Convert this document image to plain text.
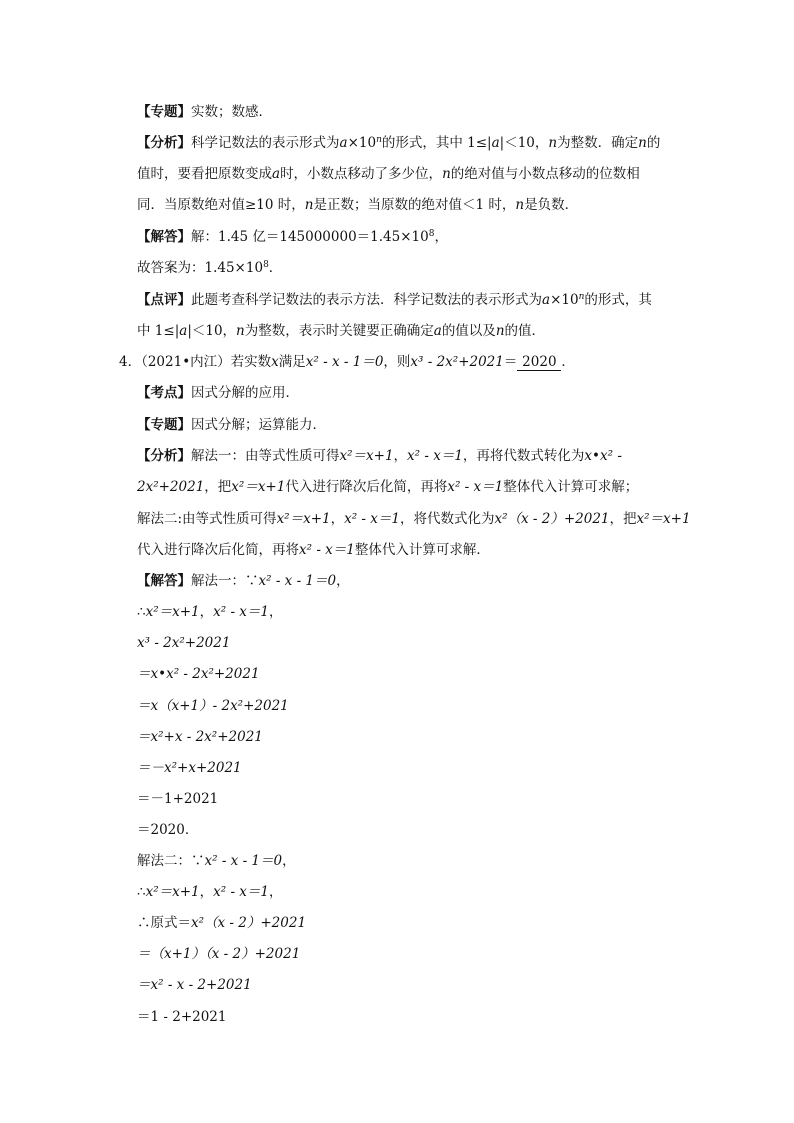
【专题】实数；数感．
【分析】科学记数法的表示形式为$a\times 10^n$的形式，其中 1≤|a|＜10，n为整数．确定n的
值时，要看把原数变成a时，小数点移动了多少位，n的绝对值与小数点移动的位数相
同．当原数绝对值≥10 时，n是正数；当原数的绝对值＜1 时，n是负数．
【解答】解：1.45 亿$=145000000=1.45\times 10^8$，
故答案为：$1.45\times 10^8$．
【点评】此题考查科学记数法的表示方法．科学记数法的表示形式为$a\times 10^n$的形式，其
中 1≤|a|＜10，n为整数，表示时关键要正确确定a的值以及n的值．
4．（2021•内江）若实数x满足x² - x - 1＝0，则x³ - 2x²+2021＝ 2020 ．
【考点】因式分解的应用．
【专题】因式分解；运算能力．
【分析】解法一：由等式性质可得x²＝x+1，x² - x＝1，再将代数式转化为x•x² -
2x²+2021，把x²＝x+1代入进行降次后化简，再将x² - x＝1整体代入计算可求解；
解法二:由等式性质可得x²＝x+1，x² - x＝1，将代数式化为x²（x - 2）+2021，把x²＝x+1
代入进行降次后化简，再将x² - x＝1整体代入计算可求解．
【解答】解法一：∵x² - x - 1＝0，
∴x²＝x+1，x² - x＝1，
x³ - 2x²+2021
＝x•x² - 2x²+2021
＝x（x+1）- 2x²+2021
＝x²+x - 2x²+2021
＝－x²+x+2021
＝－1+2021
＝2020．
解法二：∵x² - x - 1＝0，
∴x²＝x+1，x² - x＝1，
∴原式＝x²（x - 2）+2021
＝（x+1）（x - 2）+2021
＝x² - x - 2+2021
＝1 - 2+2021
